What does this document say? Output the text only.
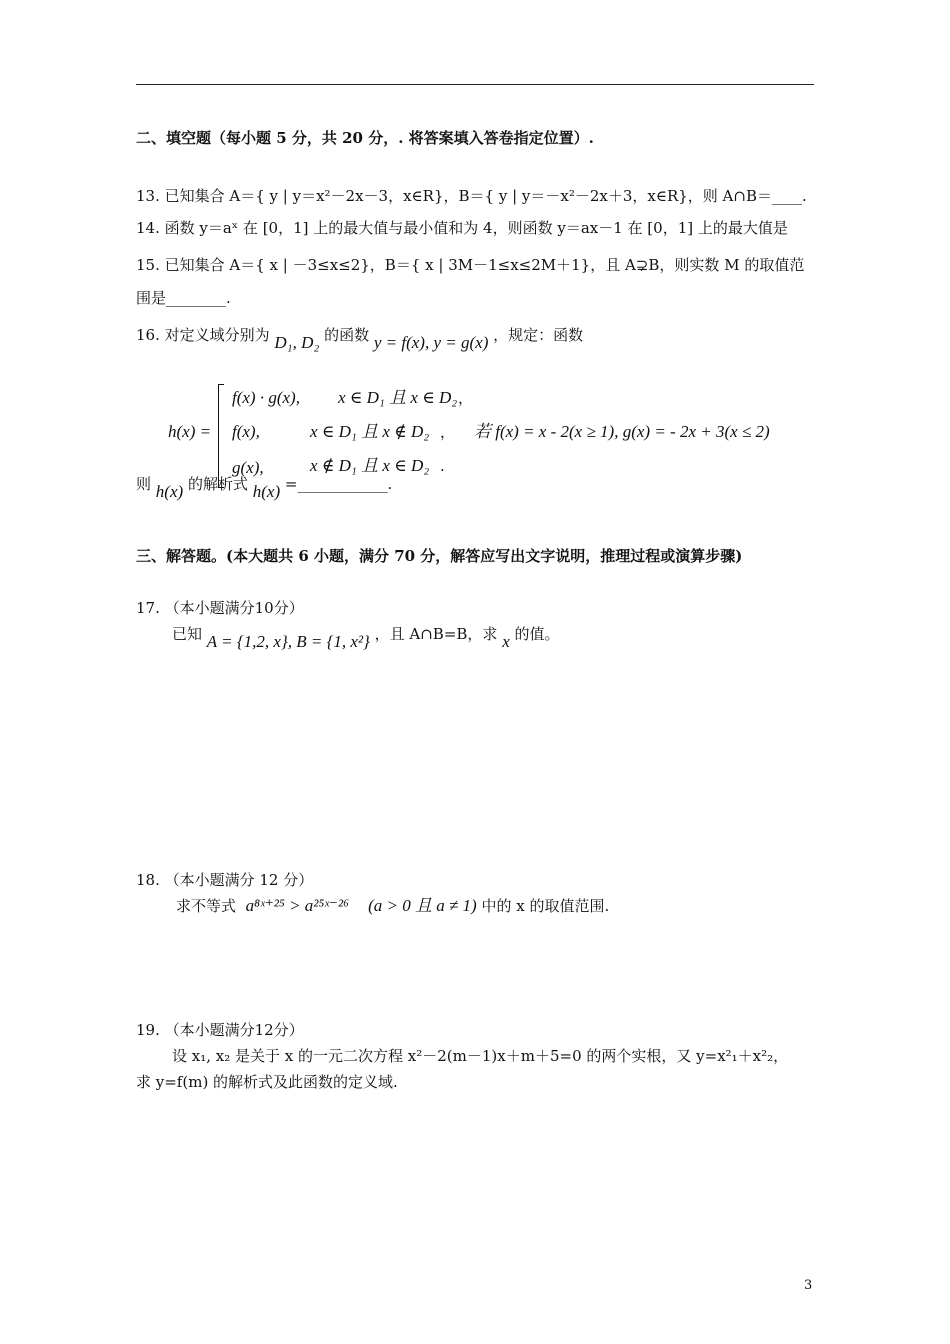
二、填空题（每小题 5 分，共 20 分，. 将答案填入答卷指定位置）.
13. 已知集合 A＝{ y | y＝x²－2x－3，x∈R}，B＝{ y | y＝－x²－2x＋3，x∈R}，则 A∩B＝____.
14. 函数 y＝aˣ 在 [0，1] 上的最大值与最小值和为 4，则函数 y＝ax－1 在 [0，1] 上的最大值是
15. 已知集合 A＝{ x | －3≤x≤2}，B＝{ x | 3M－1≤x≤2M＋1}，且 A⊋B，则实数 M 的取值范
围是________.
16. 对定义域分别为 D₁, D₂ 的函数 y = f(x), y = g(x) ，规定：函数
h(x) =
f(x) · g(x), x ∈ D₁ 且 x ∈ D₂ ，
f(x),	x ∈ D₁ 且 x ∉ D₂ ， 若 f(x) = x - 2(x ≥ 1), g(x) = - 2x + 3(x ≤ 2)
g(x),	x ∉ D₁ 且 x ∈ D₂ .
则 h(x) 的解析式 h(x) =____________.
三、解答题。(本大题共 6 小题，满分 70 分，解答应写出文字说明，推理过程或演算步骤)
17. （本小题满分10分）
已知 A = {1,2, x}, B = {1, x²} ，且 A∩B=B，求 x 的值。
18. （本小题满分 12 分）
求不等式 a⁸ˣ⁺²⁵ > a²⁵ˣ⁻²⁶ (a > 0 且 a ≠ 1) 中的 x 的取值范围.
19. （本小题满分12分）
设 x₁, x₂ 是关于 x 的一元二次方程 x²－2(m－1)x＋m＋5=0 的两个实根，又 y=x²₁＋x²₂，
求 y=f(m) 的解析式及此函数的定义域.
3
